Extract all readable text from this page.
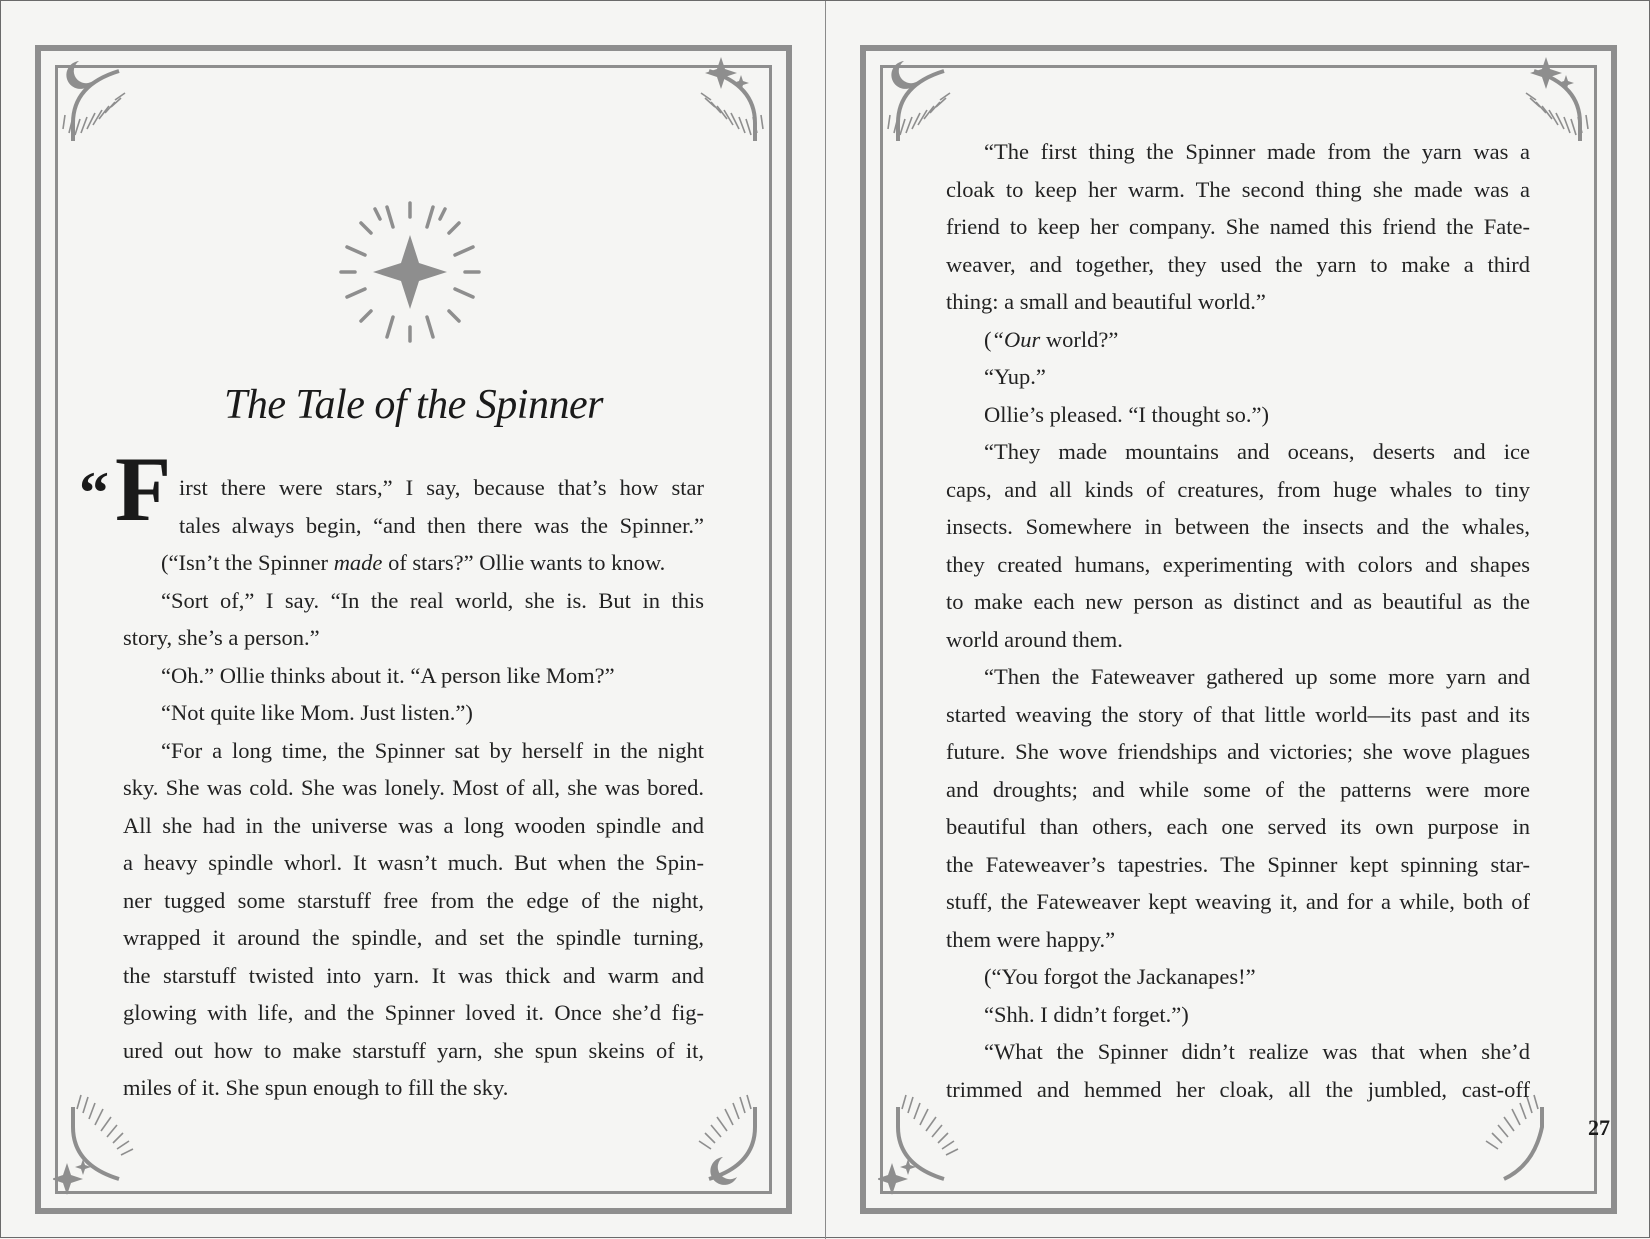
The Tale of the Spinner
“ F irst there were stars,” I say, because that’s how star
tales always begin, “and then there was the Spinner.”
(“Isn’t the Spinner made of stars?” Ollie wants to know.
“Sort of,” I say. “In the real world, she is. But in this
story, she’s a person.”
“Oh.” Ollie thinks about it. “A person like Mom?”
“Not quite like Mom. Just listen.”)
“For a long time, the Spinner sat by herself in the night
sky. She was cold. She was lonely. Most of all, she was bored.
All she had in the universe was a long wooden spindle and
a heavy spindle whorl. It wasn’t much. But when the Spin-
ner tugged some starstuff free from the edge of the night,
wrapped it around the spindle, and set the spindle turning,
the starstuff twisted into yarn. It was thick and warm and
glowing with life, and the Spinner loved it. Once she’d fig-
ured out how to make starstuff yarn, she spun skeins of it,
miles of it. She spun enough to fill the sky.
“The first thing the Spinner made from the yarn was a
cloak to keep her warm. The second thing she made was a
friend to keep her company. She named this friend the Fate-
weaver, and together, they used the yarn to make a third
thing: a small and beautiful world.”
(“Our world?”
“Yup.”
Ollie’s pleased. “I thought so.”)
“They made mountains and oceans, deserts and ice
caps, and all kinds of creatures, from huge whales to tiny
insects. Somewhere in between the insects and the whales,
they created humans, experimenting with colors and shapes
to make each new person as distinct and as beautiful as the
world around them.
“Then the Fateweaver gathered up some more yarn and
started weaving the story of that little world—its past and its
future. She wove friendships and victories; she wove plagues
and droughts; and while some of the patterns were more
beautiful than others, each one served its own purpose in
the Fateweaver’s tapestries. The Spinner kept spinning star-
stuff, the Fateweaver kept weaving it, and for a while, both of
them were happy.”
(“You forgot the Jackanapes!”
“Shh. I didn’t forget.”)
“What the Spinner didn’t realize was that when she’d
trimmed and hemmed her cloak, all the jumbled, cast-off
27
